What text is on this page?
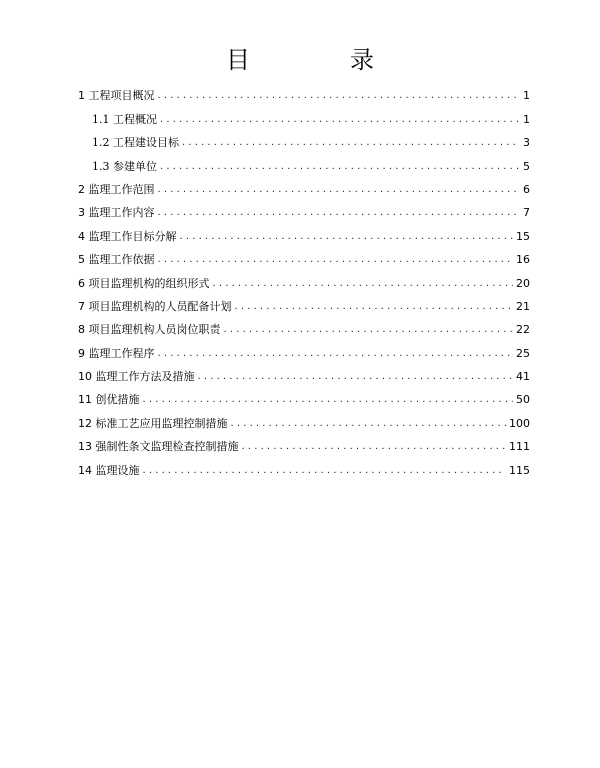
目　录
1 工程项目概况 . . .	1
1.1 工程概况 . . .	1
1.2 工程建设目标 . . .	3
1.3 参建单位 . . .	5
2 监理工作范围 . . .	6
3 监理工作内容 . . .	7
4 监理工作目标分解 . . .	15
5 监理工作依据 . . .	16
6 项目监理机构的组织形式 . . .	20
7 项目监理机构的人员配备计划 . . .	21
8 项目监理机构人员岗位职责 . . .	22
9 监理工作程序 . . .	25
10 监理工作方法及措施 . . .	41
11 创优措施 . . .	50
12 标准工艺应用监理控制措施 . . .	100
13 强制性条文监理检查控制措施 . . .	111
14 监理设施 . . .	115
